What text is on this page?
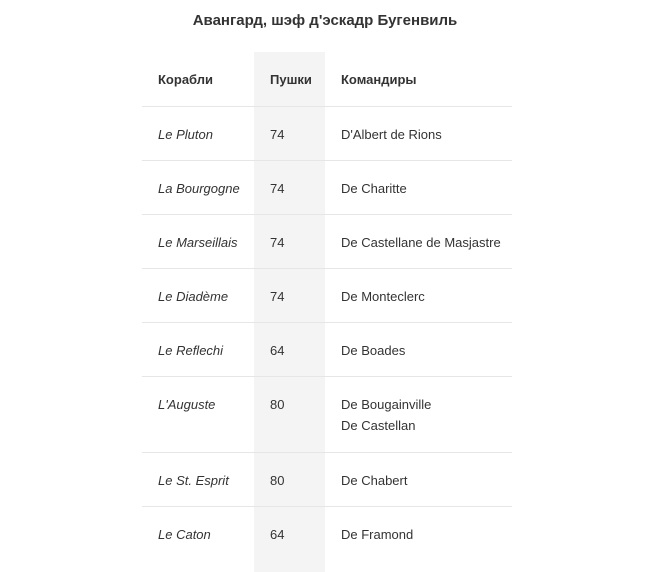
Авангард, шэф д'эскадр Бугенвиль
Корабли	Пушки	Командиры
Le Pluton	74	D'Albert de Rions
La Bourgogne	74	De Charitte
Le Marseillais	74	De Castellane de Masjastre
Le Diadème	74	De Monteclerc
Le Reflechi	64	De Boades
L'Auguste	80	De Bougainville
De Castellan
Le St. Esprit	80	De Chabert
Le Caton	64	De Framond
